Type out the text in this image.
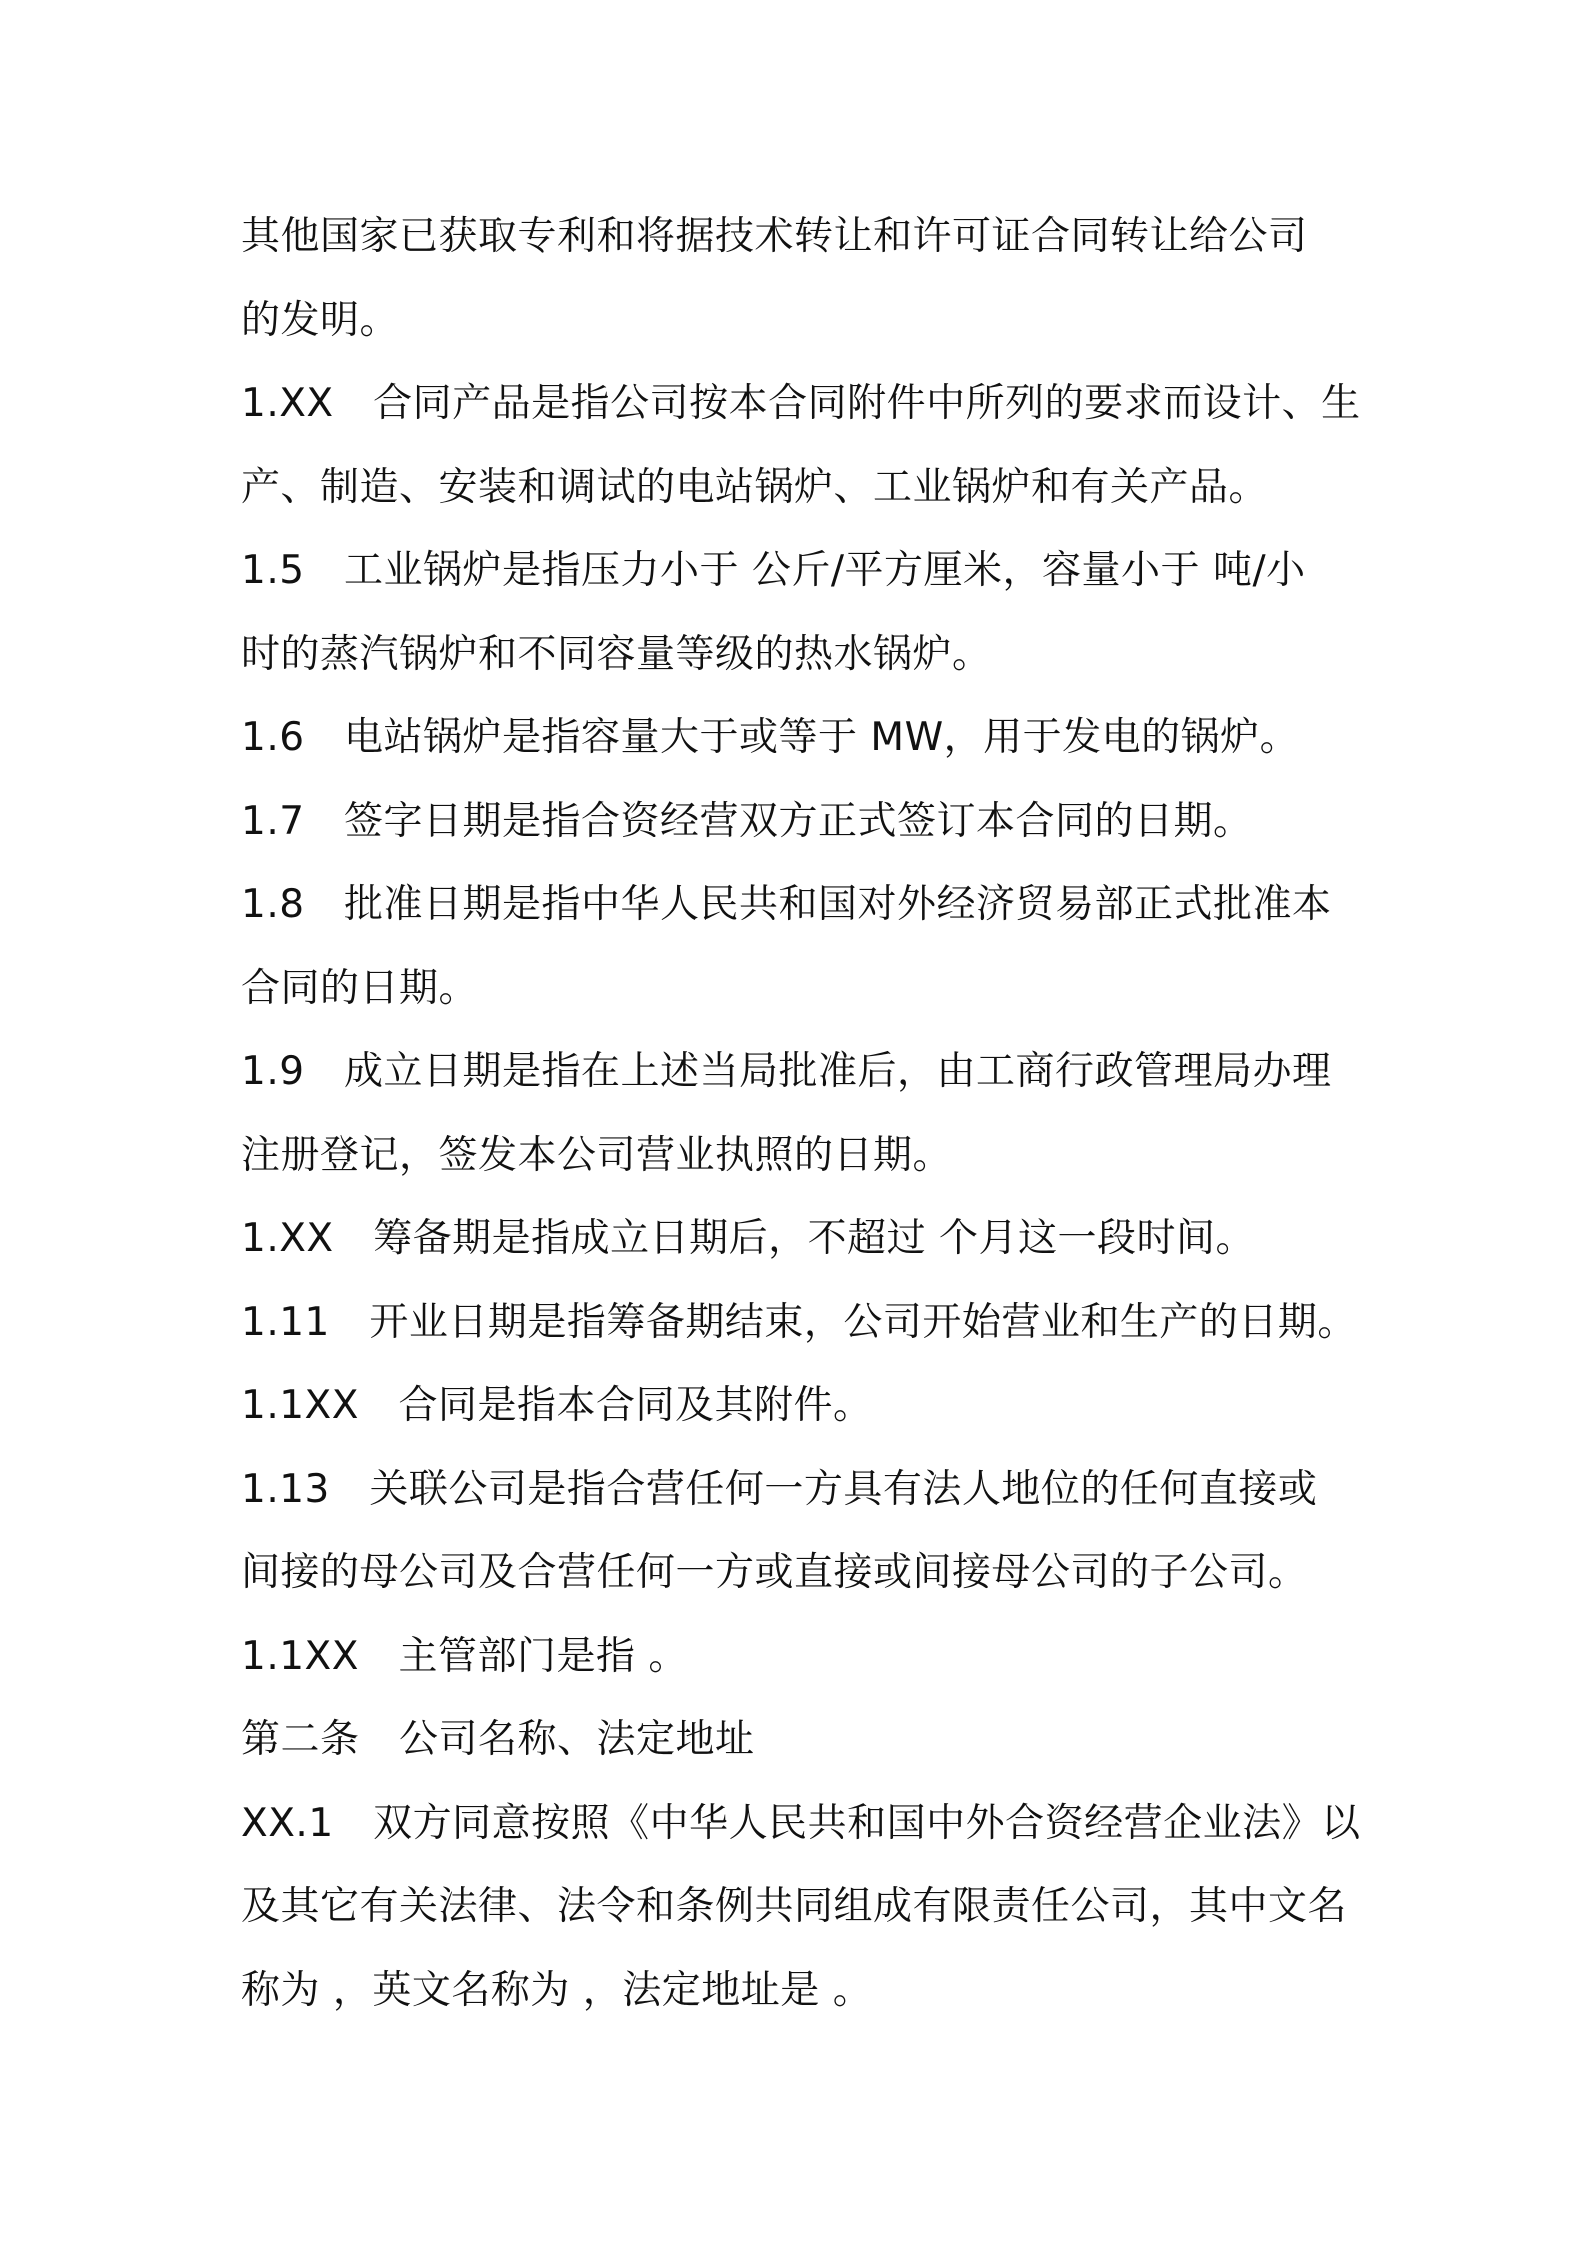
其他国家已获取专利和将据技术转让和许可证合同转让给公司
的发明。
1.XX　合同产品是指公司按本合同附件中所列的要求而设计、生
产、制造、安装和调试的电站锅炉、工业锅炉和有关产品。
1.5　工业锅炉是指压力小于 公斤/平方厘米，容量小于 吨/小
时的蒸汽锅炉和不同容量等级的热水锅炉。
1.6　电站锅炉是指容量大于或等于 MW，用于发电的锅炉。
1.7　签字日期是指合资经营双方正式签订本合同的日期。
1.8　批准日期是指中华人民共和国对外经济贸易部正式批准本
合同的日期。
1.9　成立日期是指在上述当局批准后，由工商行政管理局办理
注册登记，签发本公司营业执照的日期。
1.XX　筹备期是指成立日期后，不超过 个月这一段时间。
1.11　开业日期是指筹备期结束，公司开始营业和生产的日期。
1.1XX　合同是指本合同及其附件。
1.13　关联公司是指合营任何一方具有法人地位的任何直接或
间接的母公司及合营任何一方或直接或间接母公司的子公司。
1.1XX　主管部门是指 。
第二条　公司名称、法定地址
XX.1　双方同意按照《中华人民共和国中外合资经营企业法》以
及其它有关法律、法令和条例共同组成有限责任公司，其中文名
称为 ，英文名称为 ，法定地址是 。
